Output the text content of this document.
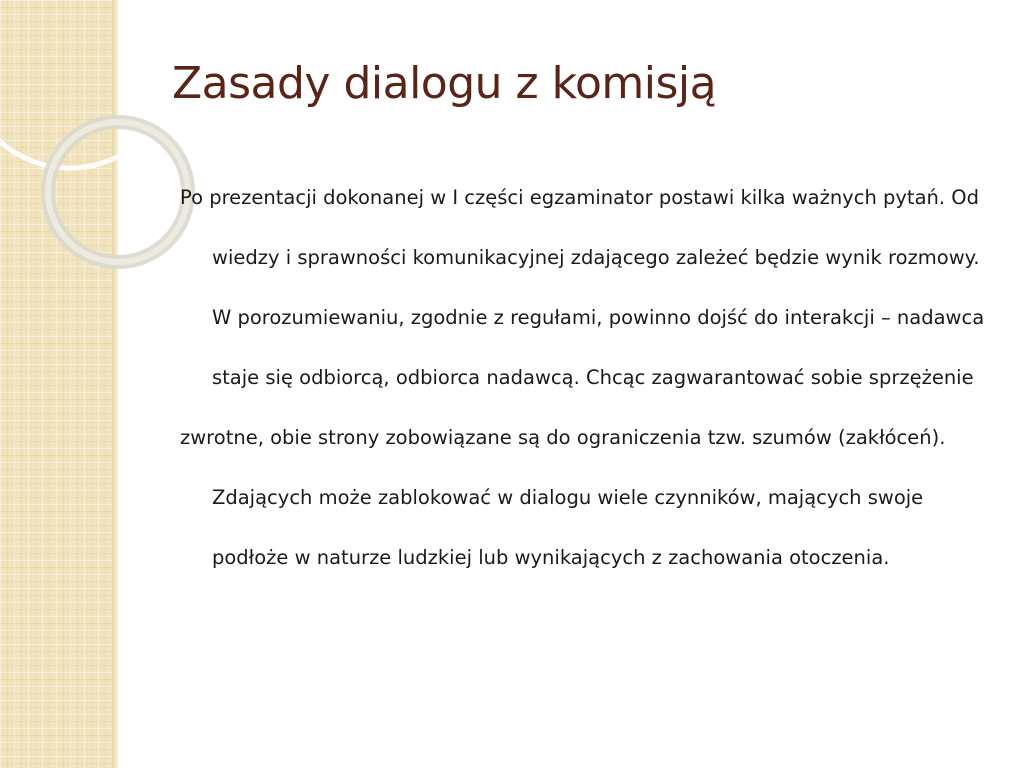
Zasady dialogu z komisją

Po prezentacji dokonanej w I części egzaminator postawi kilka ważnych pytań. Od wiedzy i sprawności komunikacyjnej zdającego zależeć będzie wynik rozmowy. W porozumiewaniu, zgodnie z regułami, powinno dojść do interakcji – nadawca staje się odbiorcą, odbiorca nadawcą. Chcąc zagwarantować sobie sprzężenie

zwrotne, obie strony zobowiązane są do ograniczenia tzw. szumów (zakłóceń). Zdających może zablokować w dialogu wiele czynników, mających swoje podłoże w naturze ludzkiej lub wynikających z zachowania otoczenia.
